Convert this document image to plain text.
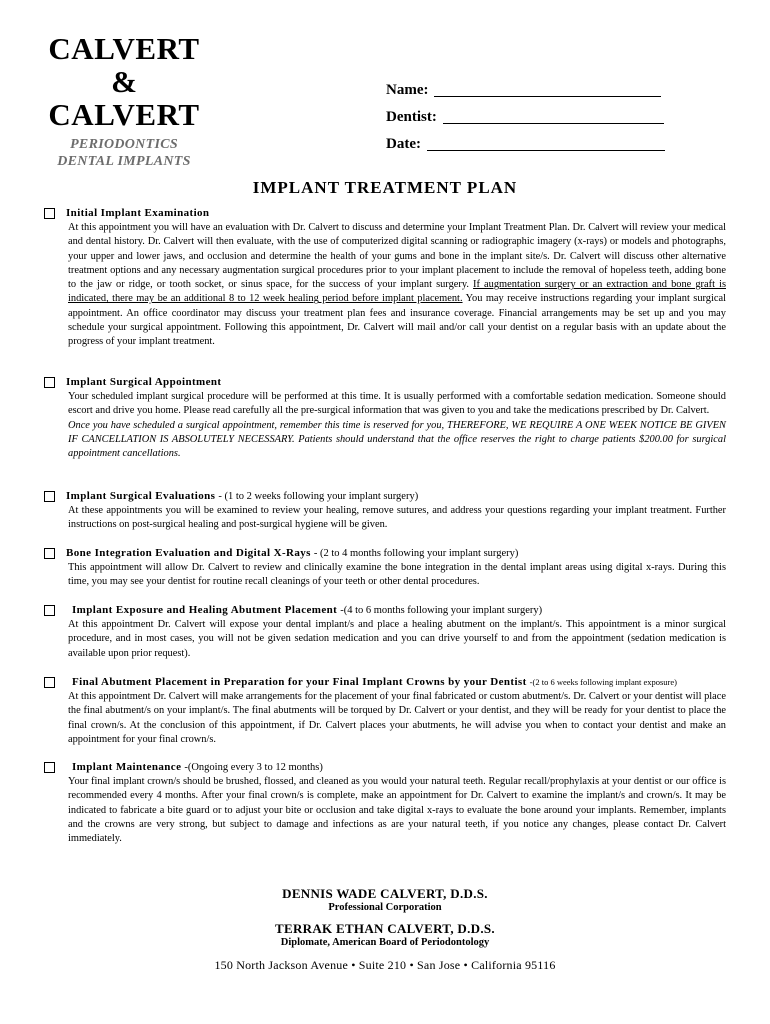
CALVERT
&
CALVERT
PERIODONTICS
DENTAL IMPLANTS
Name:
Dentist:
Date:
IMPLANT TREATMENT PLAN
Initial Implant Examination
At this appointment you will have an evaluation with Dr. Calvert to discuss and determine your Implant Treatment Plan. Dr. Calvert will review your medical and dental history. Dr. Calvert will then evaluate, with the use of computerized digital scanning or radiographic imagery (x-rays) or models and photographs, your upper and lower jaws, and occlusion and determine the health of your gums and bone in the implant site/s. Dr. Calvert will discuss other alternative treatment options and any necessary augmentation surgical procedures prior to your implant placement to include the removal of hopeless teeth, adding bone to the jaw or ridge, or tooth socket, or sinus space, for the success of your implant surgery. If augmentation surgery or an extraction and bone graft is indicated, there may be an additional 8 to 12 week healing period before implant placement. You may receive instructions regarding your implant surgical appointment. An office coordinator may discuss your treatment plan fees and insurance coverage. Financial arrangements may be set up and you may schedule your surgical appointment. Following this appointment, Dr. Calvert will mail and/or call your dentist on a regular basis with an update about the progress of your implant treatment.
Implant Surgical Appointment
Your scheduled implant surgical procedure will be performed at this time. It is usually performed with a comfortable sedation medication. Someone should escort and drive you home. Please read carefully all the pre-surgical information that was given to you and take the medications prescribed by Dr. Calvert.
Once you have scheduled a surgical appointment, remember this time is reserved for you, THEREFORE, WE REQUIRE A ONE WEEK NOTICE BE GIVEN IF CANCELLATION IS ABSOLUTELY NECESSARY. Patients should understand that the office reserves the right to charge patients $200.00 for surgical appointment cancellations.
Implant Surgical Evaluations - (1 to 2 weeks following your implant surgery)
At these appointments you will be examined to review your healing, remove sutures, and address your questions regarding your implant treatment. Further instructions on post-surgical healing and post-surgical hygiene will be given.
Bone Integration Evaluation and Digital X-Rays - (2 to 4 months following your implant surgery)
This appointment will allow Dr. Calvert to review and clinically examine the bone integration in the dental implant areas using digital x-rays. During this time, you may see your dentist for routine recall cleanings of your teeth or other dental procedures.
Implant Exposure and Healing Abutment Placement -(4 to 6 months following your implant surgery)
At this appointment Dr. Calvert will expose your dental implant/s and place a healing abutment on the implant/s. This appointment is a minor surgical procedure, and in most cases, you will not be given sedation medication and you can drive yourself to and from the appointment (sedation medication is available upon prior request).
Final Abutment Placement in Preparation for your Final Implant Crowns by your Dentist -(2 to 6 weeks following implant exposure)
At this appointment Dr. Calvert will make arrangements for the placement of your final fabricated or custom abutment/s. Dr. Calvert or your dentist will place the final abutment/s on your implant/s. The final abutments will be torqued by Dr. Calvert or your dentist, and they will be ready for your dentist to place the final crown/s. At the conclusion of this appointment, if Dr. Calvert places your abutments, he will advise you when to contact your dentist and make an appointment for your final crown/s.
Implant Maintenance -(Ongoing every 3 to 12 months)
Your final implant crown/s should be brushed, flossed, and cleaned as you would your natural teeth. Regular recall/prophylaxis at your dentist or our office is recommended every 4 months. After your final crown/s is complete, make an appointment for Dr. Calvert to examine the implant/s and crown/s. It may be indicated to fabricate a bite guard or to adjust your bite or occlusion and take digital x-rays to evaluate the bone around your implants. Remember, implants and the crowns are very strong, but subject to damage and infections as are your natural teeth, if you notice any changes, please contact Dr. Calvert immediately.
DENNIS WADE CALVERT, D.D.S.
Professional Corporation
TERRAK ETHAN CALVERT, D.D.S.
Diplomate, American Board of Periodontology
150 North Jackson Avenue • Suite 210 • San Jose • California 95116
